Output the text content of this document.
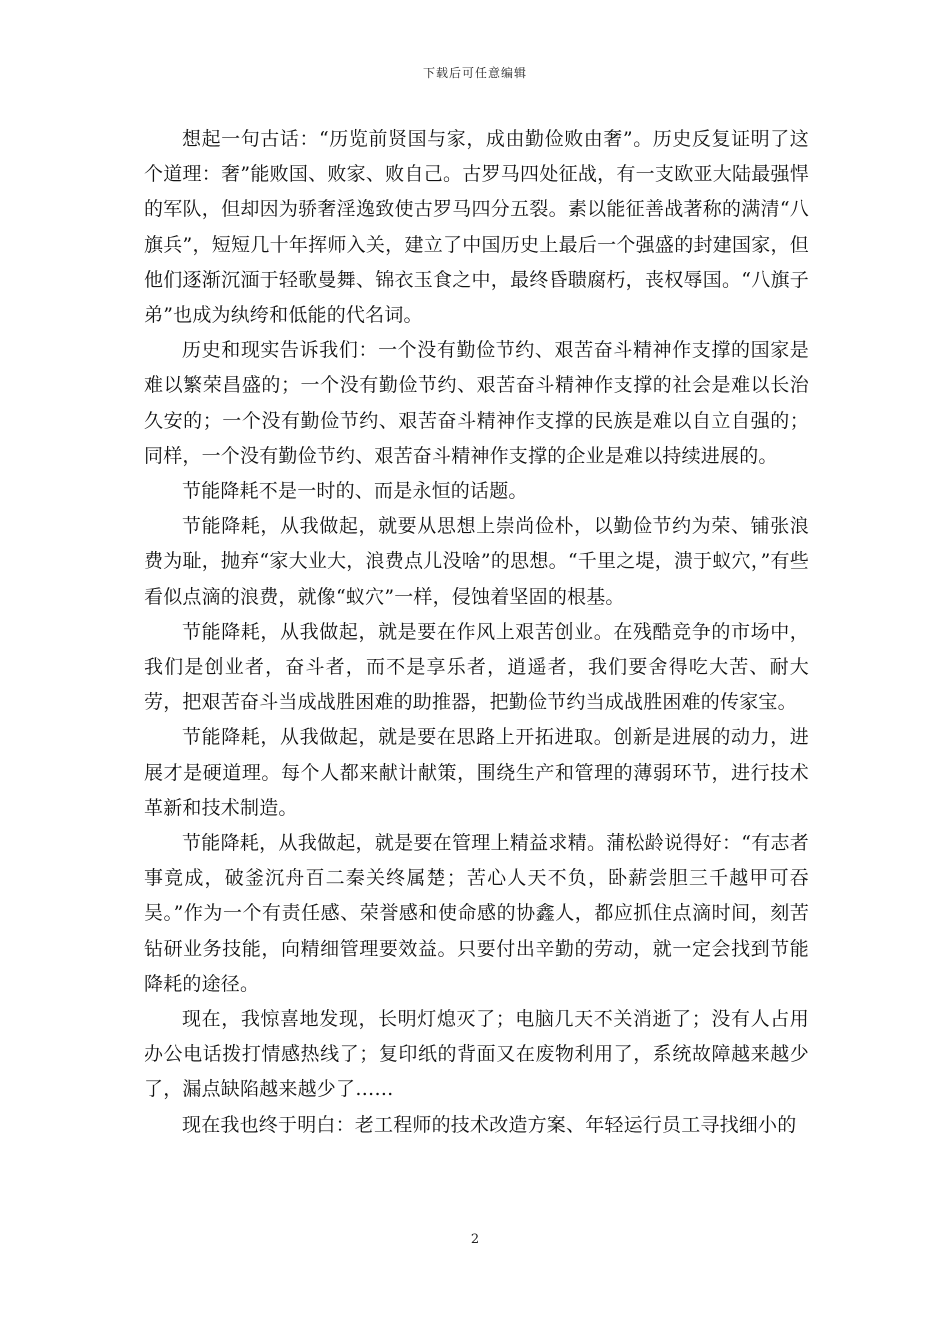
下载后可任意编辑

想起一句古话：“历览前贤国与家，成由勤俭败由奢”。历史反复证明了这个道理：奢”能败国、败家、败自己。古罗马四处征战，有一支欧亚大陆最强悍的军队，但却因为骄奢淫逸致使古罗马四分五裂。素以能征善战著称的满清“八旗兵”，短短几十年挥师入关，建立了中国历史上最后一个强盛的封建国家，但他们逐渐沉湎于轻歌曼舞、锦衣玉食之中，最终昏聩腐朽，丧权辱国。“八旗子弟”也成为纨绔和低能的代名词。

历史和现实告诉我们：一个没有勤俭节约、艰苦奋斗精神作支撑的国家是难以繁荣昌盛的；一个没有勤俭节约、艰苦奋斗精神作支撑的社会是难以长治久安的；一个没有勤俭节约、艰苦奋斗精神作支撑的民族是难以自立自强的；同样，一个没有勤俭节约、艰苦奋斗精神作支撑的企业是难以持续进展的。

节能降耗不是一时的、而是永恒的话题。

节能降耗，从我做起，就要从思想上崇尚俭朴，以勤俭节约为荣、铺张浪费为耻，抛弃“家大业大，浪费点儿没啥”的思想。“千里之堤，溃于蚁穴，”有些看似点滴的浪费，就像“蚁穴”一样，侵蚀着坚固的根基。

节能降耗，从我做起，就是要在作风上艰苦创业。在残酷竞争的市场中，我们是创业者，奋斗者，而不是享乐者，逍遥者，我们要舍得吃大苦、耐大劳，把艰苦奋斗当成战胜困难的助推器，把勤俭节约当成战胜困难的传家宝。

节能降耗，从我做起，就是要在思路上开拓进取。创新是进展的动力，进展才是硬道理。每个人都来献计献策，围绕生产和管理的薄弱环节，进行技术革新和技术制造。

节能降耗，从我做起，就是要在管理上精益求精。蒲松龄说得好：“有志者事竟成，破釜沉舟百二秦关终属楚；苦心人天不负，卧薪尝胆三千越甲可吞吴。”作为一个有责任感、荣誉感和使命感的协鑫人，都应抓住点滴时间，刻苦钻研业务技能，向精细管理要效益。只要付出辛勤的劳动，就一定会找到节能降耗的途径。

现在，我惊喜地发现，长明灯熄灭了；电脑几天不关消逝了；没有人占用办公电话拨打情感热线了；复印纸的背面又在废物利用了，系统故障越来越少了，漏点缺陷越来越少了……

现在我也终于明白：老工程师的技术改造方案、年轻运行员工寻找细小的

2
